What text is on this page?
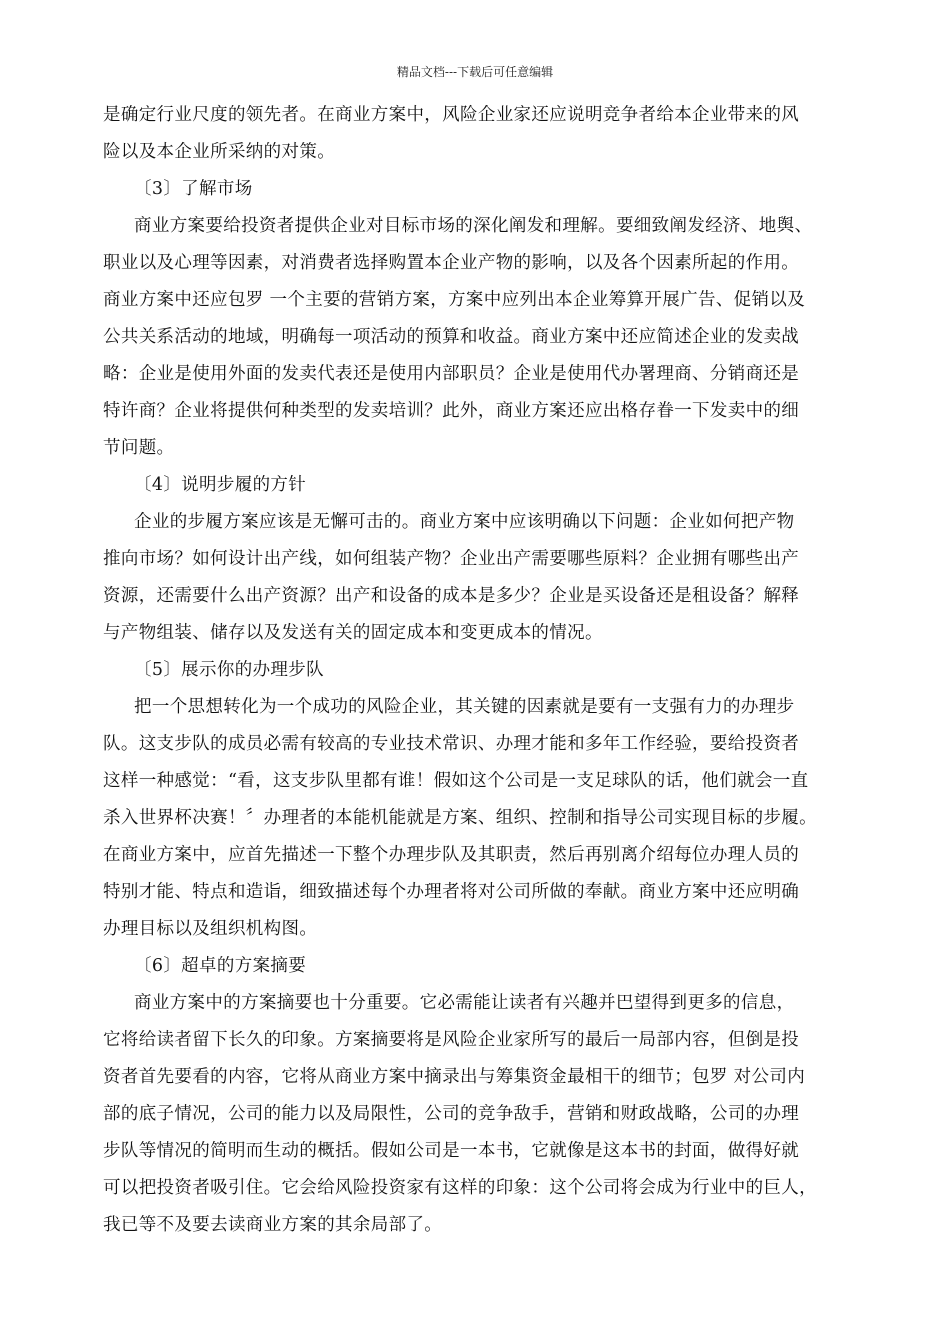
精品文档---下载后可任意编辑
是确定行业尺度的领先者。在商业方案中，风险企业家还应说明竞争者给本企业带来的风
险以及本企业所采纳的对策。
〔3〕了解市场
商业方案要给投资者提供企业对目标市场的深化阐发和理解。要细致阐发经济、地舆、
职业以及心理等因素，对消费者选择购置本企业产物的影响，以及各个因素所起的作用。
商业方案中还应包罗 一个主要的营销方案，方案中应列出本企业筹算开展广告、促销以及
公共关系活动的地域，明确每一项活动的预算和收益。商业方案中还应简述企业的发卖战
略：企业是使用外面的发卖代表还是使用内部职员？企业是使用代办署理商、分销商还是
特许商？企业将提供何种类型的发卖培训？此外，商业方案还应出格存眷一下发卖中的细
节问题。
〔4〕说明步履的方针
企业的步履方案应该是无懈可击的。商业方案中应该明确以下问题：企业如何把产物
推向市场？如何设计出产线，如何组装产物？企业出产需要哪些原料？企业拥有哪些出产
资源，还需要什么出产资源？出产和设备的成本是多少？企业是买设备还是租设备？解释
与产物组装、储存以及发送有关的固定成本和变更成本的情况。
〔5〕展示你的办理步队
把一个思想转化为一个成功的风险企业，其关键的因素就是要有一支强有力的办理步
队。这支步队的成员必需有较高的专业技术常识、办理才能和多年工作经验，要给投资者
这样一种感觉：“看，这支步队里都有谁！假如这个公司是一支足球队的话，他们就会一直
杀入世界杯决赛！〞办理者的本能机能就是方案、组织、控制和指导公司实现目标的步履。
在商业方案中，应首先描述一下整个办理步队及其职责，然后再别离介绍每位办理人员的
特别才能、特点和造诣，细致描述每个办理者将对公司所做的奉献。商业方案中还应明确
办理目标以及组织机构图。
〔6〕超卓的方案摘要
商业方案中的方案摘要也十分重要。它必需能让读者有兴趣并巴望得到更多的信息，
它将给读者留下长久的印象。方案摘要将是风险企业家所写的最后一局部内容，但倒是投
资者首先要看的内容，它将从商业方案中摘录出与筹集资金最相干的细节；包罗 对公司内
部的底子情况，公司的能力以及局限性，公司的竞争敌手，营销和财政战略，公司的办理
步队等情况的简明而生动的概括。假如公司是一本书，它就像是这本书的封面，做得好就
可以把投资者吸引住。它会给风险投资家有这样的印象：这个公司将会成为行业中的巨人，
我已等不及要去读商业方案的其余局部了。
